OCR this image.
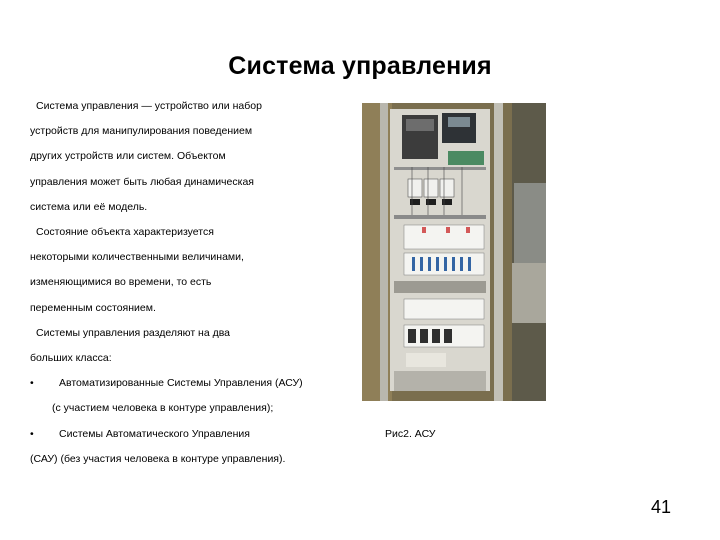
Система управления
Система управления — устройство или набор
устройств для манипулирования поведением
других устройств или систем. Объектом
управления может быть любая динамическая
система или её модель.
Состояние объекта характеризуется
некоторыми количественными величинами,
изменяющимися во времени, то есть
переменным состоянием.
Системы управления разделяют на два
больших класса:
• Автоматизированные Системы Управления (АСУ)
(с участием человека в контуре управления);
• Системы Автоматического Управления
(САУ) (без участия человека в контуре управления).
Рис2. АСУ
41
